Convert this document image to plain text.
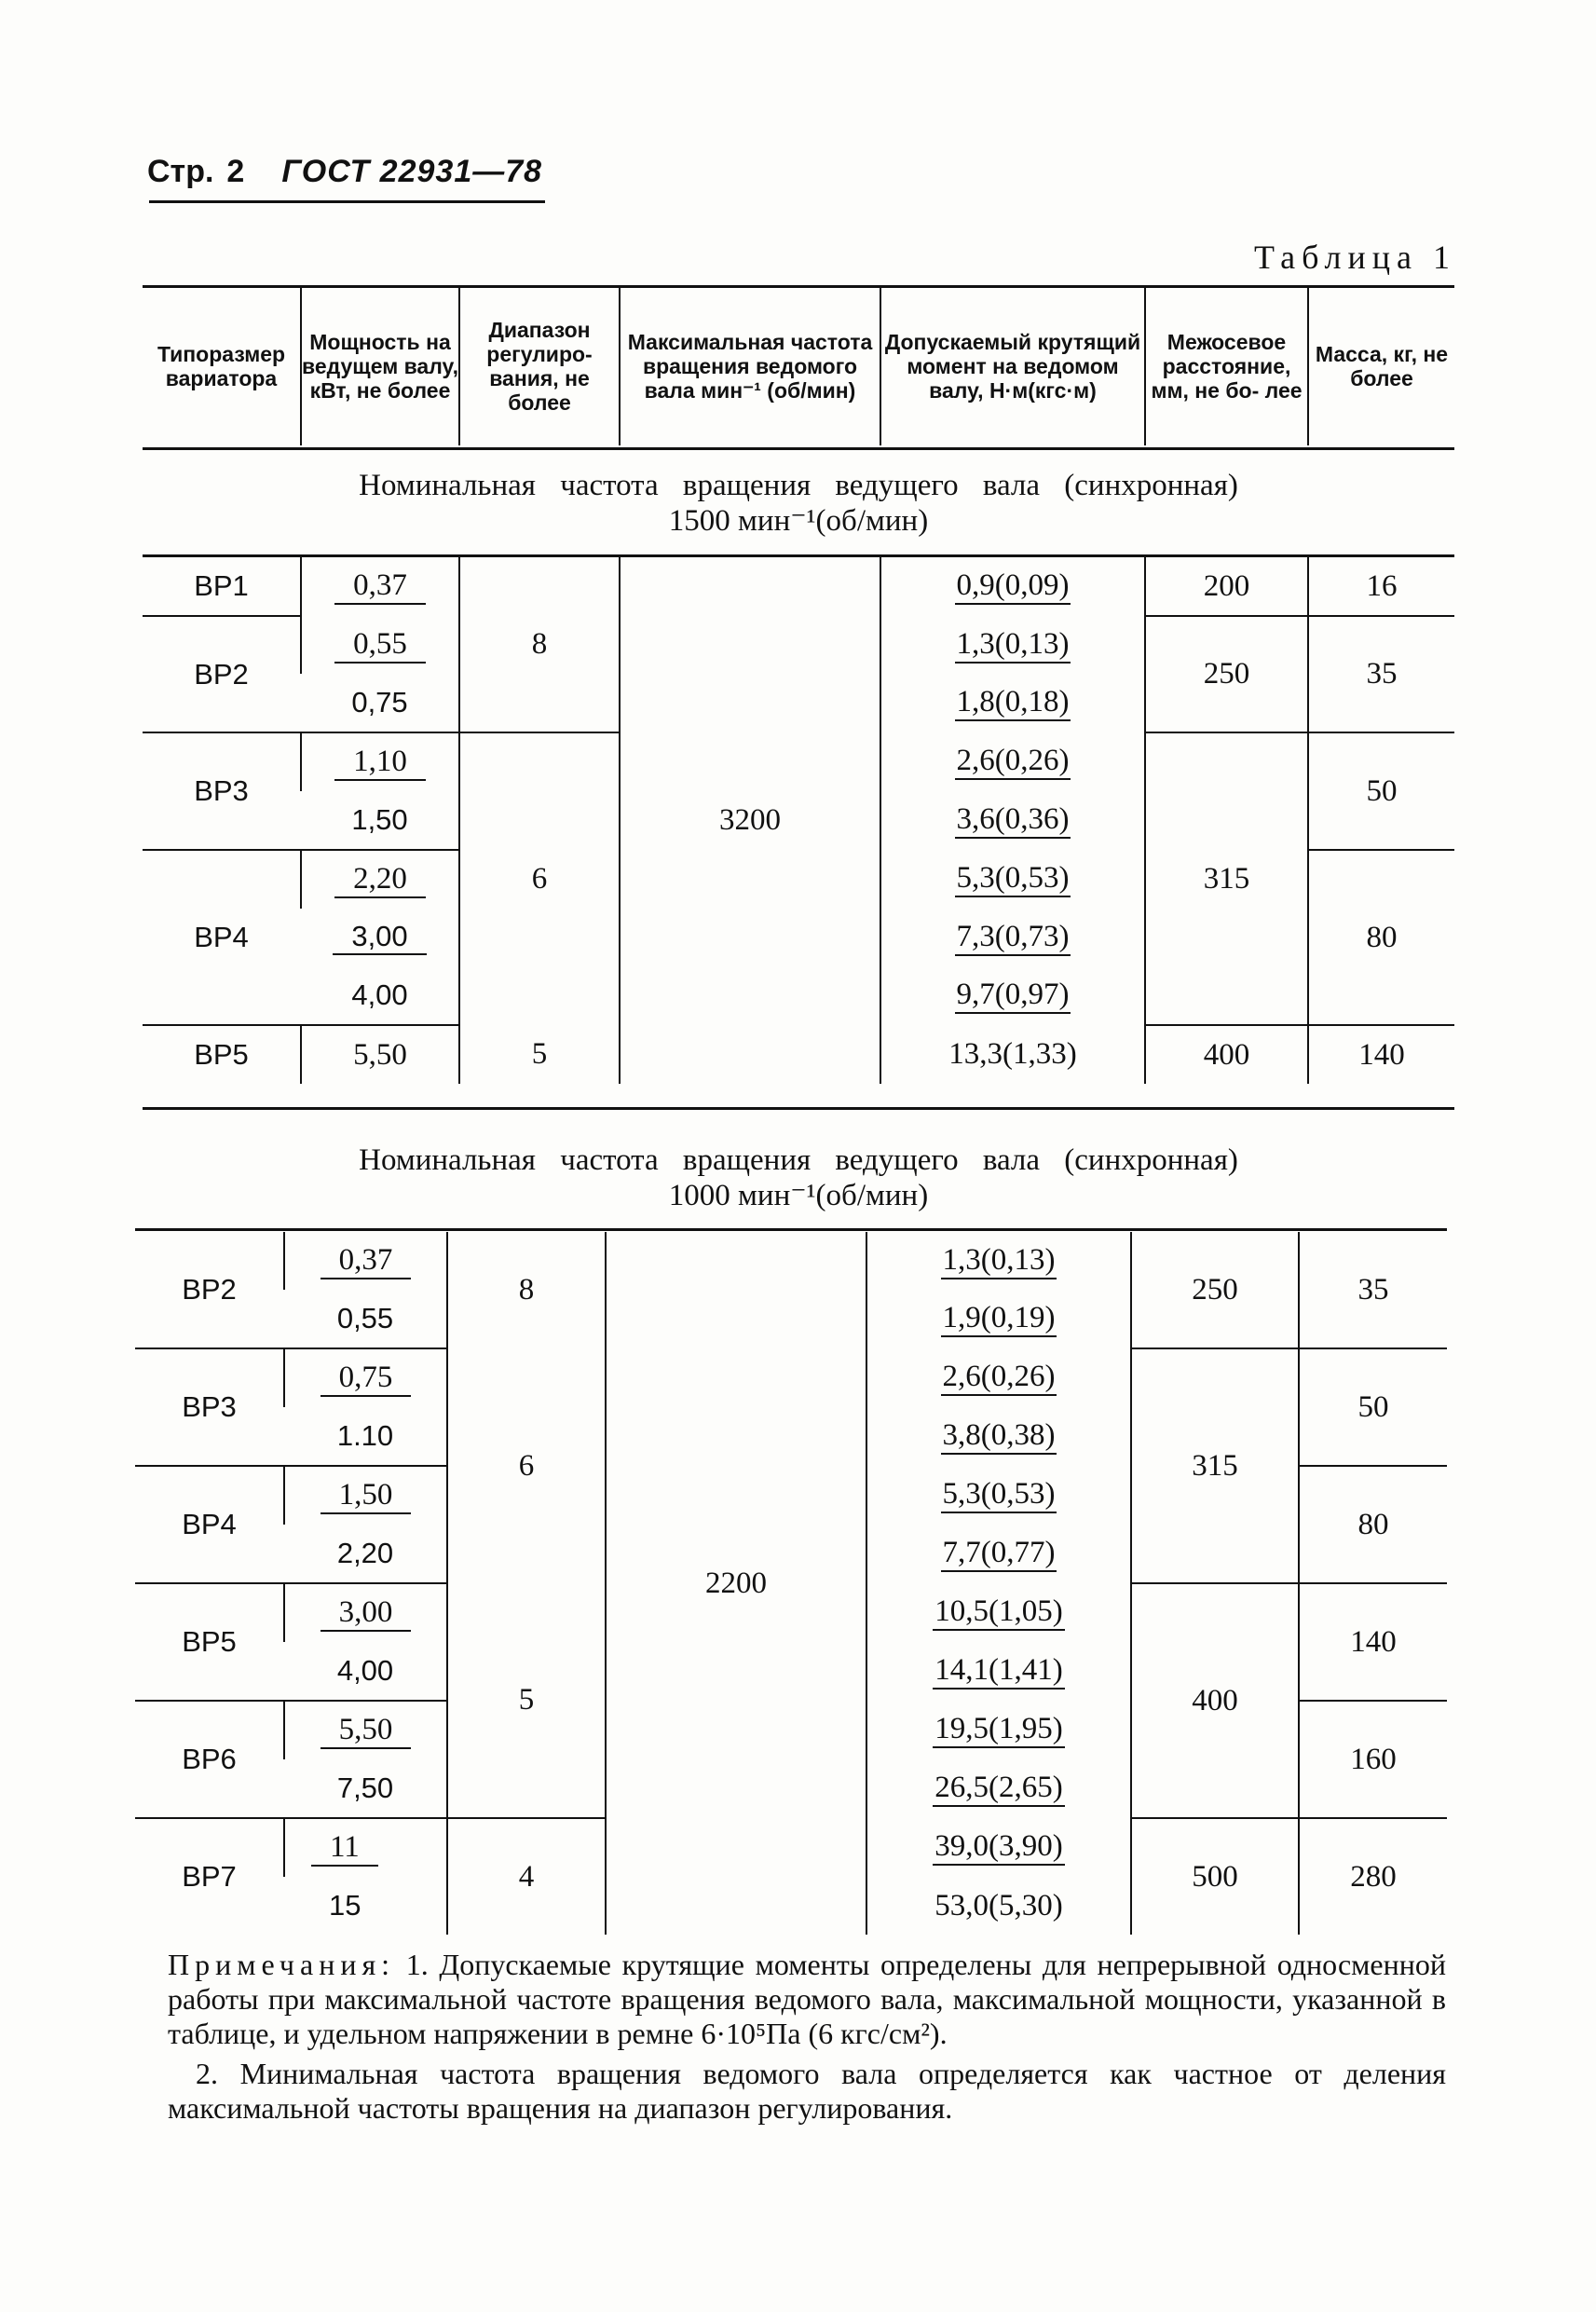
Стр. 2 ГОСТ 22931—78
Таблица 1
Типоразмер вариатора	Мощность на ведущем валу, кВт, не более	Диапазон регулиро- вания, не более	Максимальная частота вращения ведомого вала мин⁻¹ (об/мин)	Допускаемый крутящий момент на ведомом валу, Н·м(кгс·м)	Межосевое расстояние, мм, не бо- лее	Масса, кг, не более
Номинальная частота вращения ведущего вала (синхронная)
1500 мин⁻¹(об/мин)
ВР1	0,37	8	3200	0,9(0,09)	200	16
ВР2	0,55			1,3(0,13)	250	35
	0,75			1,8(0,18)		
ВР3	1,10	6		2,6(0,26)	315	50
	1,50			3,6(0,36)		
ВР4	2,20			5,3(0,53)		80
	3,00			7,3(0,73)		
	4,00			9,7(0,97)		
ВР5	5,50	5		13,3(1,33)	400	140
Номинальная частота вращения ведущего вала (синхронная)
1000 мин⁻¹(об/мин)
ВР2	0,37	8	2200	1,3(0,13)	250	35
	0,55			1,9(0,19)		
ВР3	0,75	6		2,6(0,26)	315	50
	1.10			3,8(0,38)		
ВР4	1,50			5,3(0,53)		80
	2,20			7,7(0,77)		
ВР5	3,00	5		10,5(1,05)	400	140
	4,00			14,1(1,41)		
ВР6	5,50			19,5(1,95)		160
	7,50			26,5(2,65)		
ВР7	11	4		39,0(3,90)	500	280
	15			53,0(5,30)		

Примечания: 1. Допускаемые крутящие моменты определены для непрерывной односменной работы при максимальной частоте вращения ведомого вала, максимальной мощности, указанной в таблице, и удельном напряжении в ремне 6·10⁵Па (6 кгс/см²).

2. Минимальная частота вращения ведомого вала определяется как частное от деления максимальной частоты вращения на диапазон регулирования.
